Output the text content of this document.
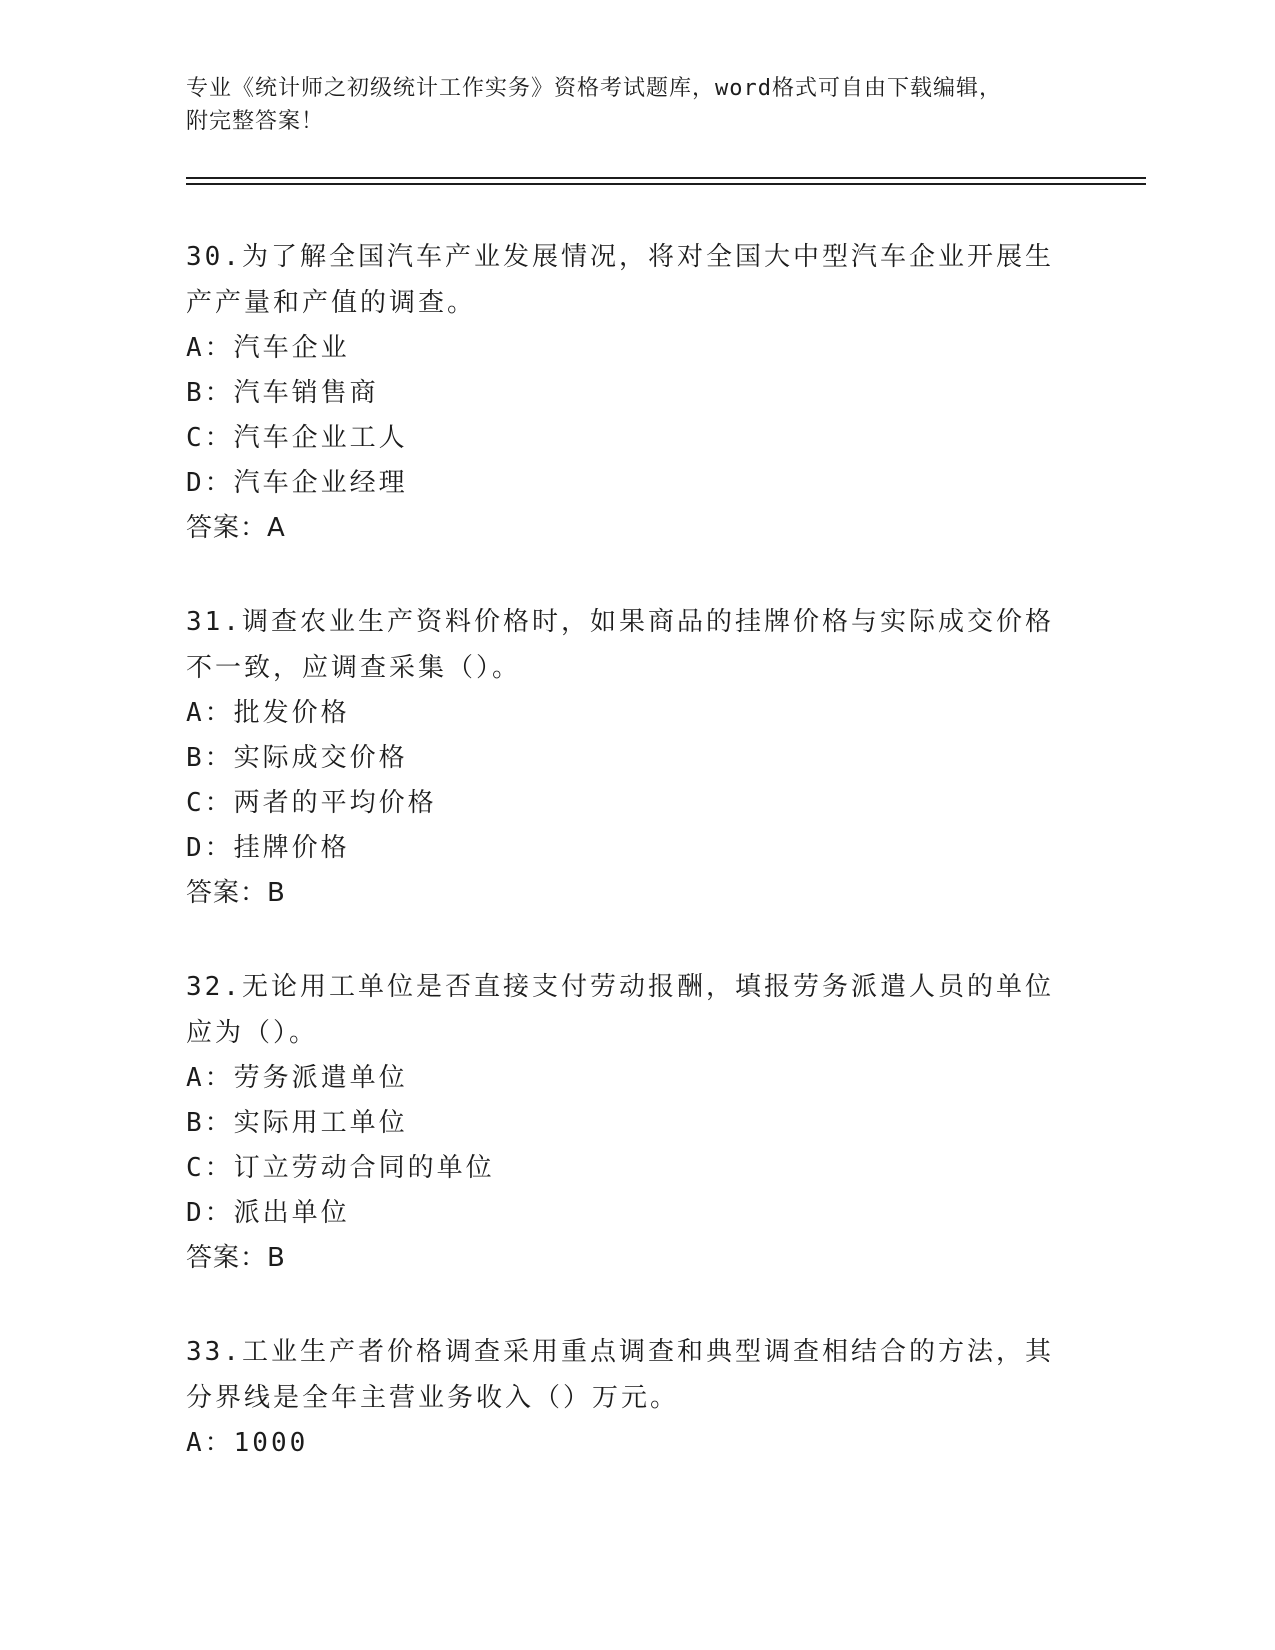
专业《统计师之初级统计工作实务》资格考试题库，word格式可自由下载编辑，
附完整答案！

30.为了解全国汽车产业发展情况，将对全国大中型汽车企业开展生产产量和产值的调查。

A：汽车企业

B：汽车销售商

C：汽车企业工人

D：汽车企业经理

答案：A

31.调查农业生产资料价格时，如果商品的挂牌价格与实际成交价格不一致，应调查采集（）。

A：批发价格

B：实际成交价格

C：两者的平均价格

D：挂牌价格

答案：B

32.无论用工单位是否直接支付劳动报酬，填报劳务派遣人员的单位应为（）。

A：劳务派遣单位

B：实际用工单位

C：订立劳动合同的单位

D：派出单位

答案：B

33.工业生产者价格调查采用重点调查和典型调查相结合的方法，其分界线是全年主营业务收入（）万元。

A：1000
